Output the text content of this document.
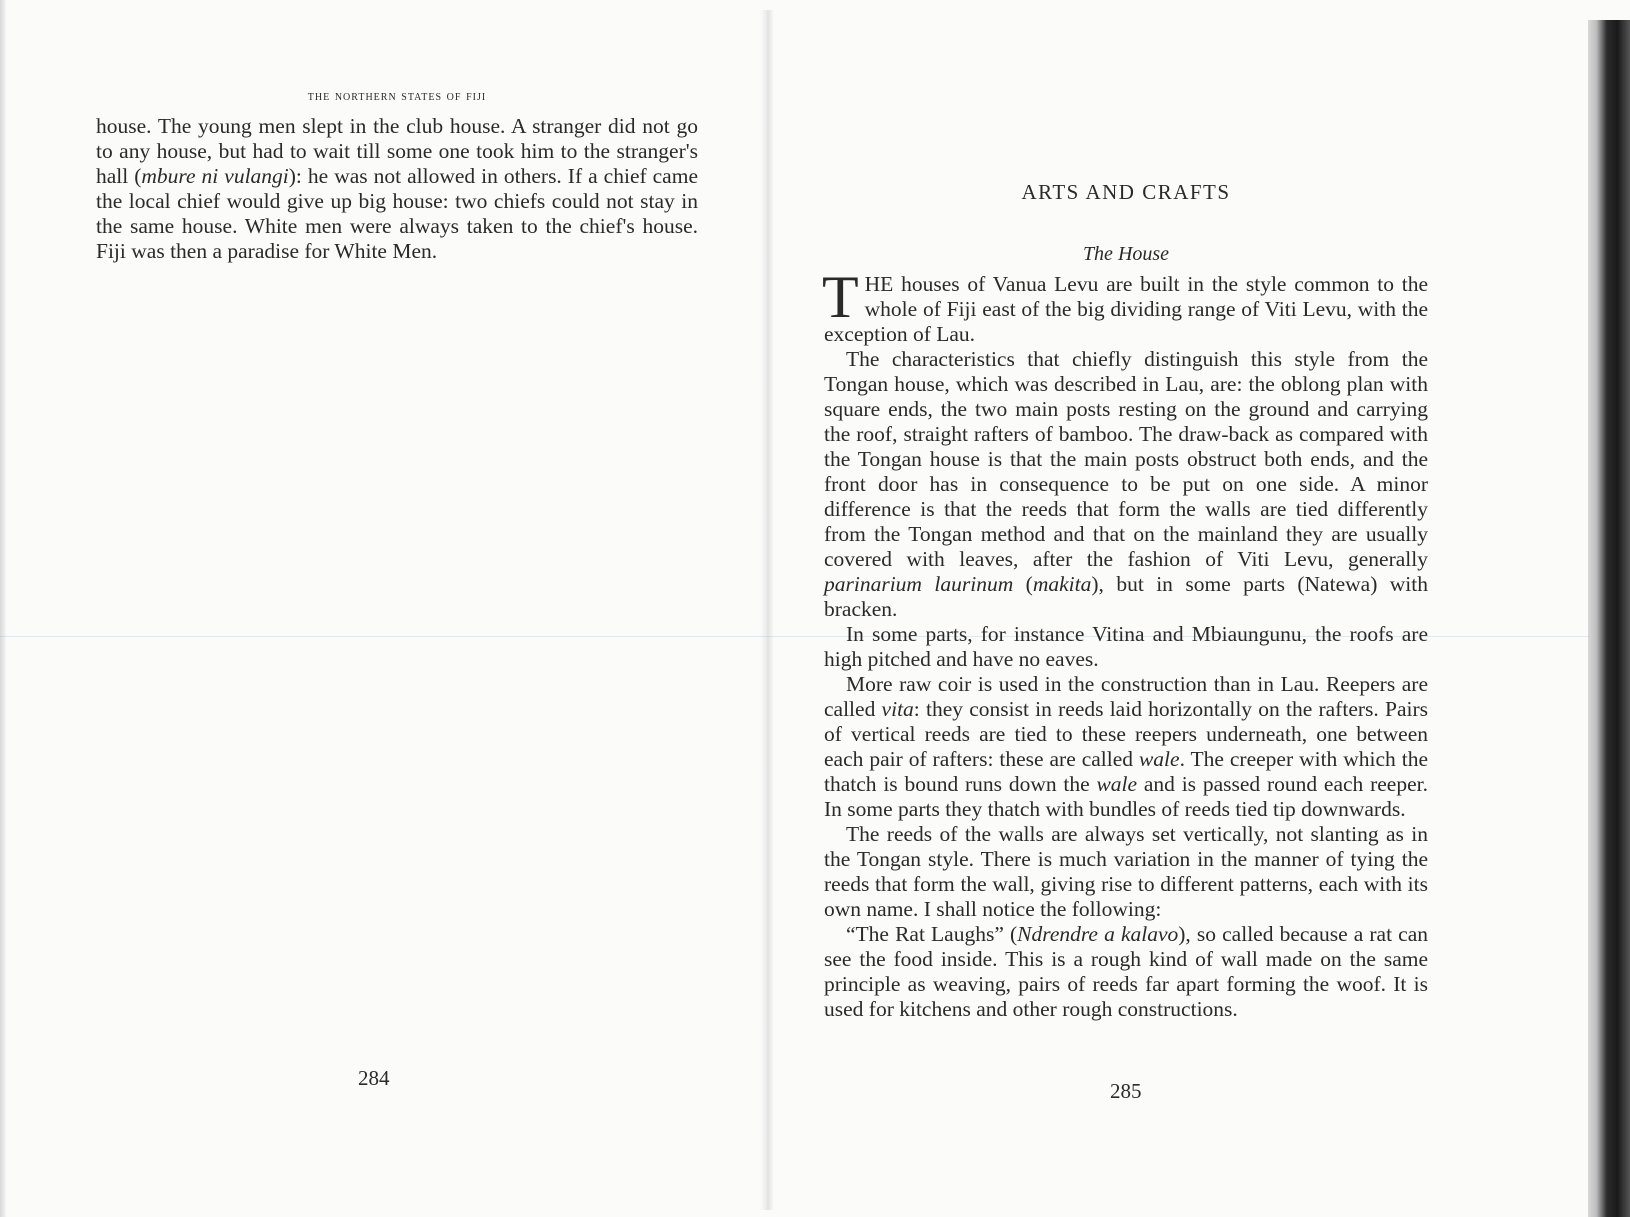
the northern states of fiji

house. The young men slept in the club house. A stranger did not go to any house, but had to wait till some one took him to the stranger's hall (mbure ni vulangi): he was not allowed in others. If a chief came the local chief would give up big house: two chiefs could not stay in the same house. White men were always taken to the chief's house. Fiji was then a paradise for White Men.

284
ARTS AND CRAFTS
The House

THE houses of Vanua Levu are built in the style common to the whole of Fiji east of the big dividing range of Viti Levu, with the exception of Lau.

The characteristics that chiefly distinguish this style from the Tongan house, which was described in Lau, are: the oblong plan with square ends, the two main posts resting on the ground and carrying the roof, straight rafters of bamboo. The draw-back as compared with the Tongan house is that the main posts obstruct both ends, and the front door has in consequence to be put on one side. A minor difference is that the reeds that form the walls are tied differently from the Tongan method and that on the mainland they are usually covered with leaves, after the fashion of Viti Levu, generally parinarium laurinum (makita), but in some parts (Natewa) with bracken.

In some parts, for instance Vitina and Mbiaungunu, the roofs are high pitched and have no eaves.

More raw coir is used in the construction than in Lau. Reepers are called vita: they consist in reeds laid horizontally on the rafters. Pairs of vertical reeds are tied to these reepers underneath, one between each pair of rafters: these are called wale. The creeper with which the thatch is bound runs down the wale and is passed round each reeper. In some parts they thatch with bundles of reeds tied tip downwards.

The reeds of the walls are always set vertically, not slanting as in the Tongan style. There is much variation in the manner of tying the reeds that form the wall, giving rise to different patterns, each with its own name. I shall notice the following:

“The Rat Laughs” (Ndrendre a kalavo), so called because a rat can see the food inside. This is a rough kind of wall made on the same principle as weaving, pairs of reeds far apart forming the woof. It is used for kitchens and other rough constructions.

285
